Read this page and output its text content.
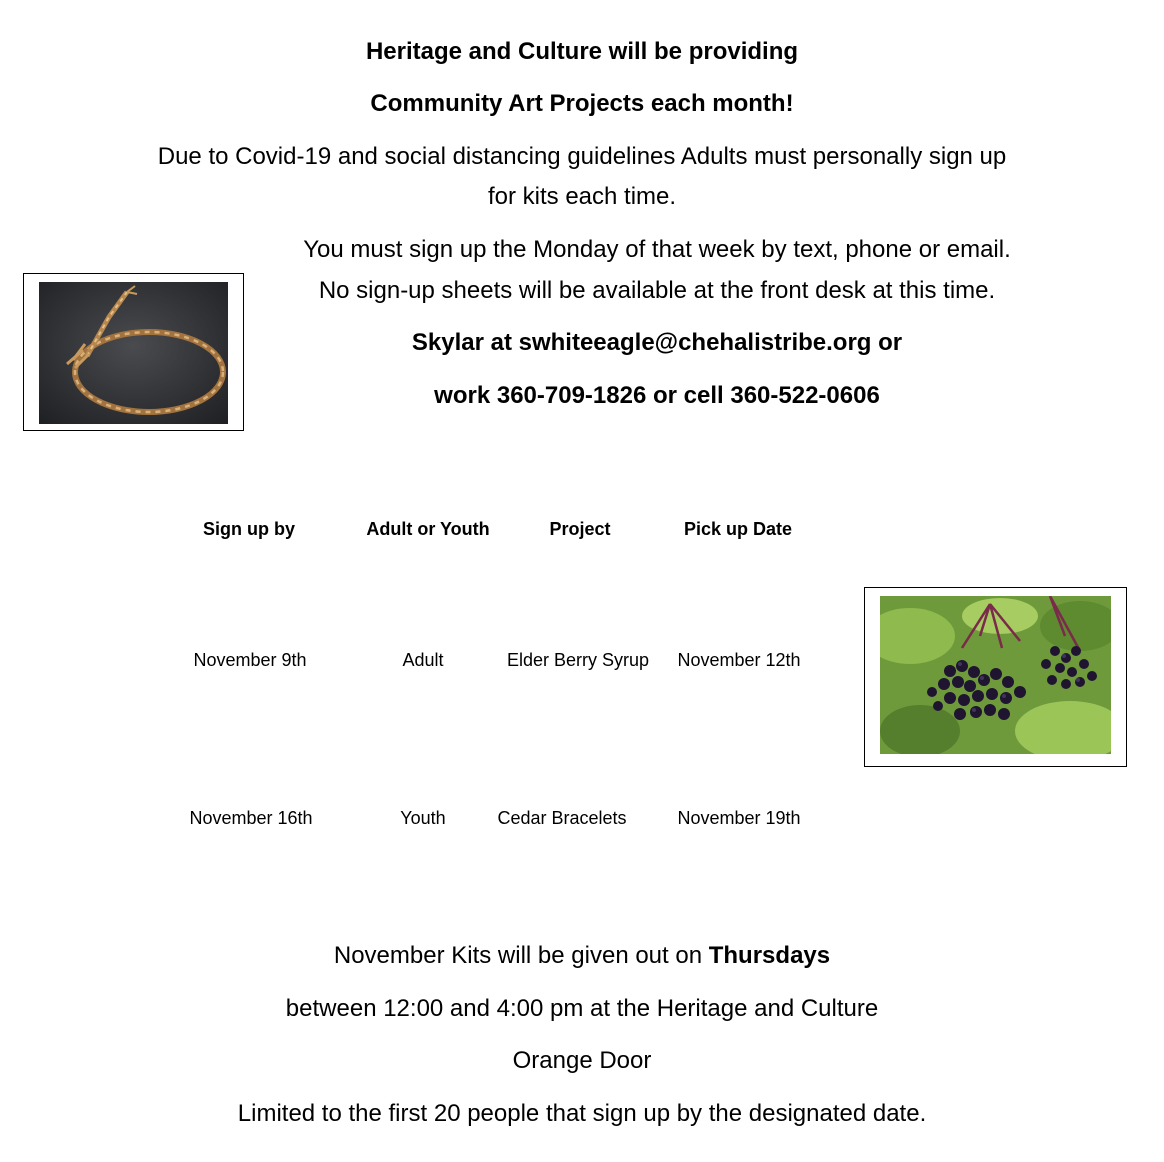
Heritage and Culture will be providing
Community Art Projects each month!
Due to Covid-19 and social distancing guidelines Adults must personally sign up
for kits each time.
You must sign up the Monday of that week by text, phone or email.
No sign-up sheets will be available at the front desk at this time.
Skylar at swhiteeagle@chehalistribe.org or
work 360-709-1826 or cell 360-522-0606
Sign up by	Adult or Youth	Project	Pick up Date
November 9th	Adult	Elder Berry Syrup	November 12th
November 16th	Youth	Cedar Bracelets	November 19th
November Kits will be given out on Thursdays
between 12:00 and 4:00 pm at the Heritage and Culture
Orange Door
Limited to the first 20 people that sign up by the designated date.
